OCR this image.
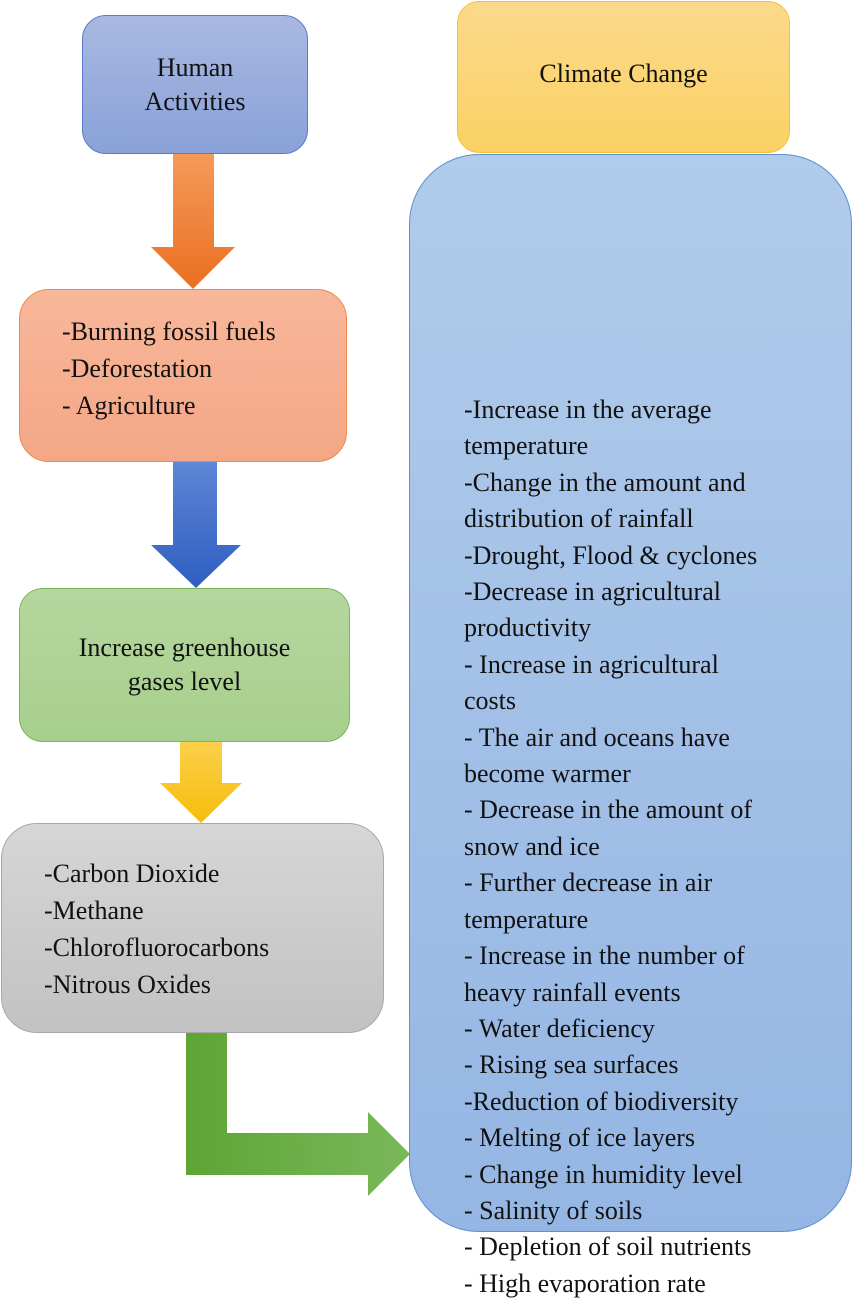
Human
Activities
Climate Change
-Burning fossil fuels
-Deforestation
- Agriculture
Increase greenhouse
gases level
-Carbon Dioxide
-Methane
-Chlorofluorocarbons
-Nitrous Oxides
-Increase in the average
temperature
-Change in the amount and
distribution of rainfall
-Drought, Flood & cyclones
-Decrease in agricultural
productivity
- Increase in agricultural
costs
- The air and oceans have
become warmer
- Decrease in the amount of
snow and ice
- Further decrease in air
temperature
- Increase in the number of
heavy rainfall events
- Water deficiency
- Rising sea surfaces
-Reduction of biodiversity
- Melting of ice layers
- Change in humidity level
- Salinity of soils
- Depletion of soil nutrients
- High evaporation rate
